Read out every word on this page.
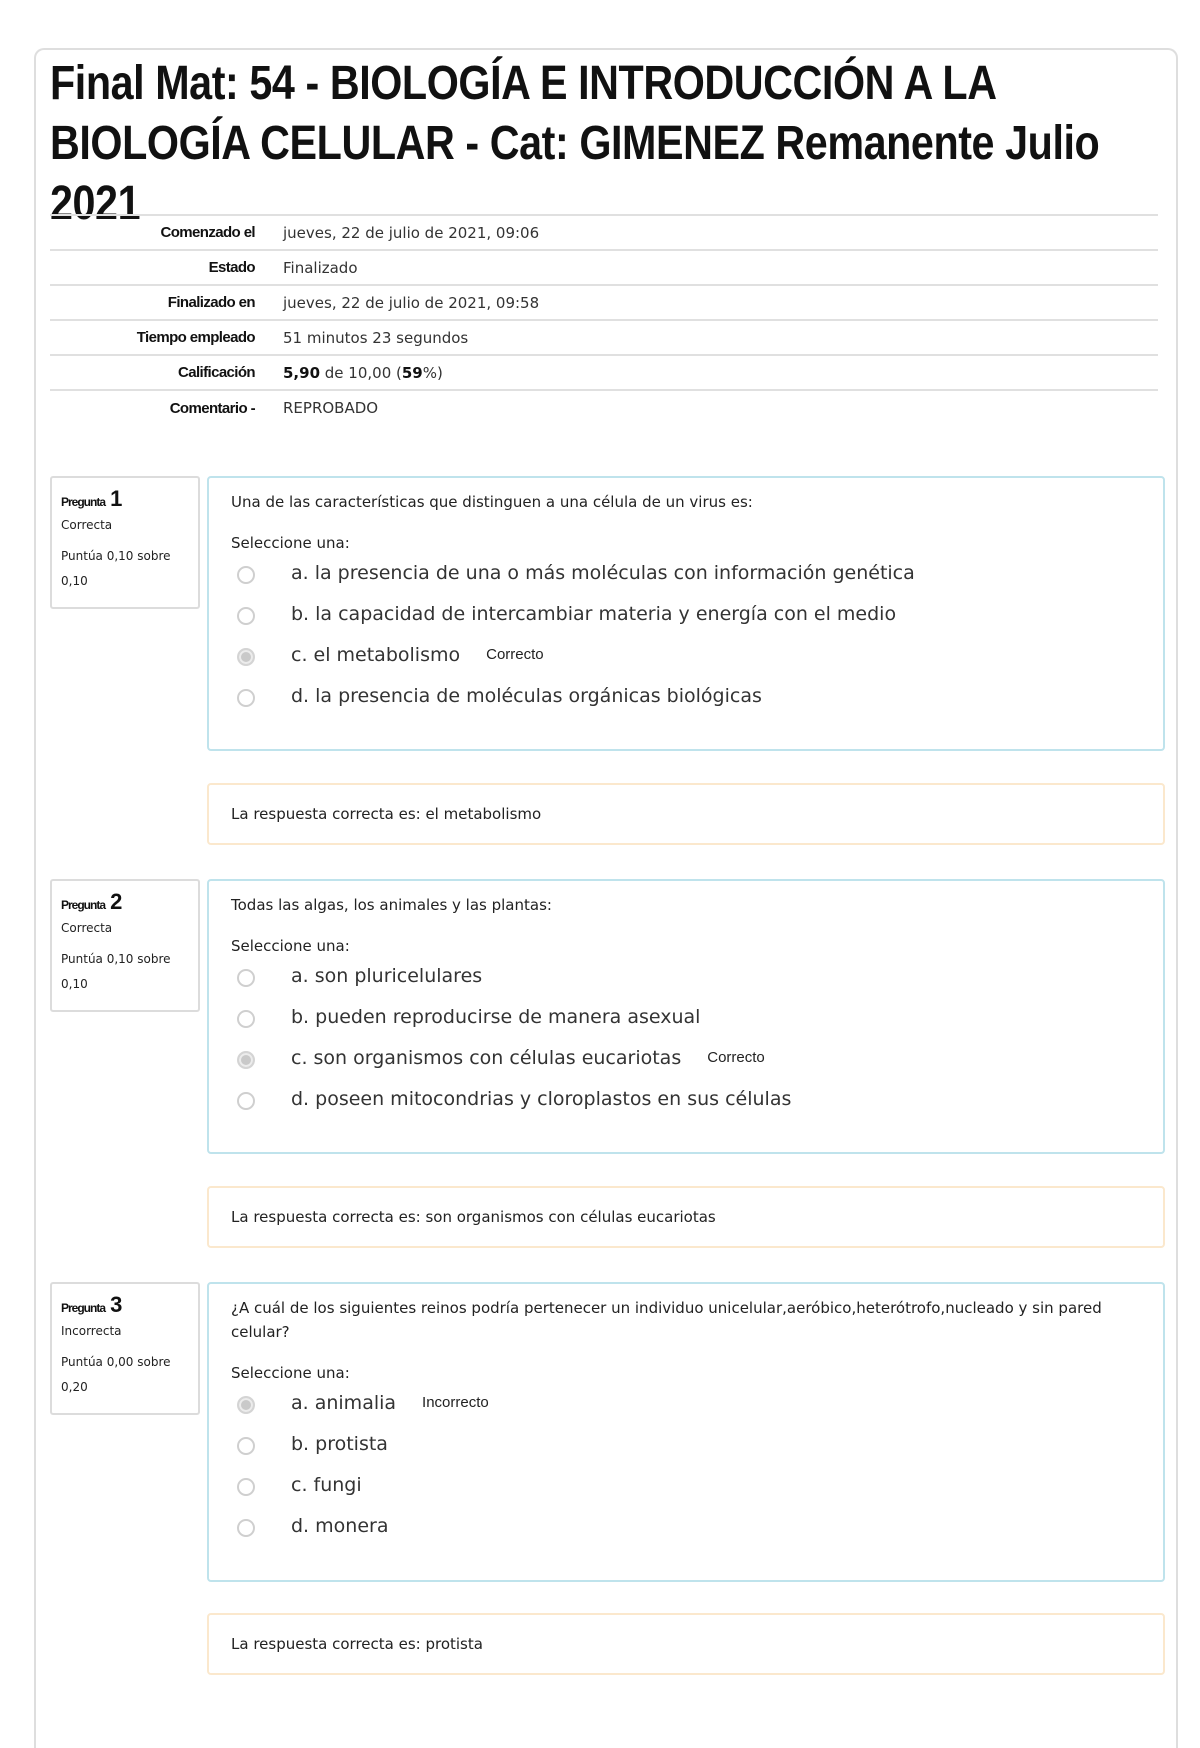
Final Mat: 54 - BIOLOGÍA E INTRODUCCIÓN A LA BIOLOGÍA CELULAR - Cat: GIMENEZ Remanente Julio 2021
Comenzado el	jueves, 22 de julio de 2021, 09:06
Estado	Finalizado
Finalizado en	jueves, 22 de julio de 2021, 09:58
Tiempo empleado	51 minutos 23 segundos
Calificación	5,90 de 10,00 (59%)
Comentario -	REPROBADO
Pregunta 1
Correcta
Puntúa 0,10 sobre 0,10
Una de las características que distinguen a una célula de un virus es:
Seleccione una:
a. la presencia de una o más moléculas con información genética
b. la capacidad de intercambiar materia y energía con el medio
c. el metabolismo Correcto
d. la presencia de moléculas orgánicas biológicas
La respuesta correcta es: el metabolismo
Pregunta 2
Correcta
Puntúa 0,10 sobre 0,10
Todas las algas, los animales y las plantas:
Seleccione una:
a. son pluricelulares
b. pueden reproducirse de manera asexual
c. son organismos con células eucariotas Correcto
d. poseen mitocondrias y cloroplastos en sus células
La respuesta correcta es: son organismos con células eucariotas
Pregunta 3
Incorrecta
Puntúa 0,00 sobre 0,20
¿A cuál de los siguientes reinos podría pertenecer un individuo unicelular,aeróbico,heterótrofo,nucleado y sin pared celular?
Seleccione una:
a. animalia Incorrecto
b. protista
c. fungi
d. monera
La respuesta correcta es: protista
